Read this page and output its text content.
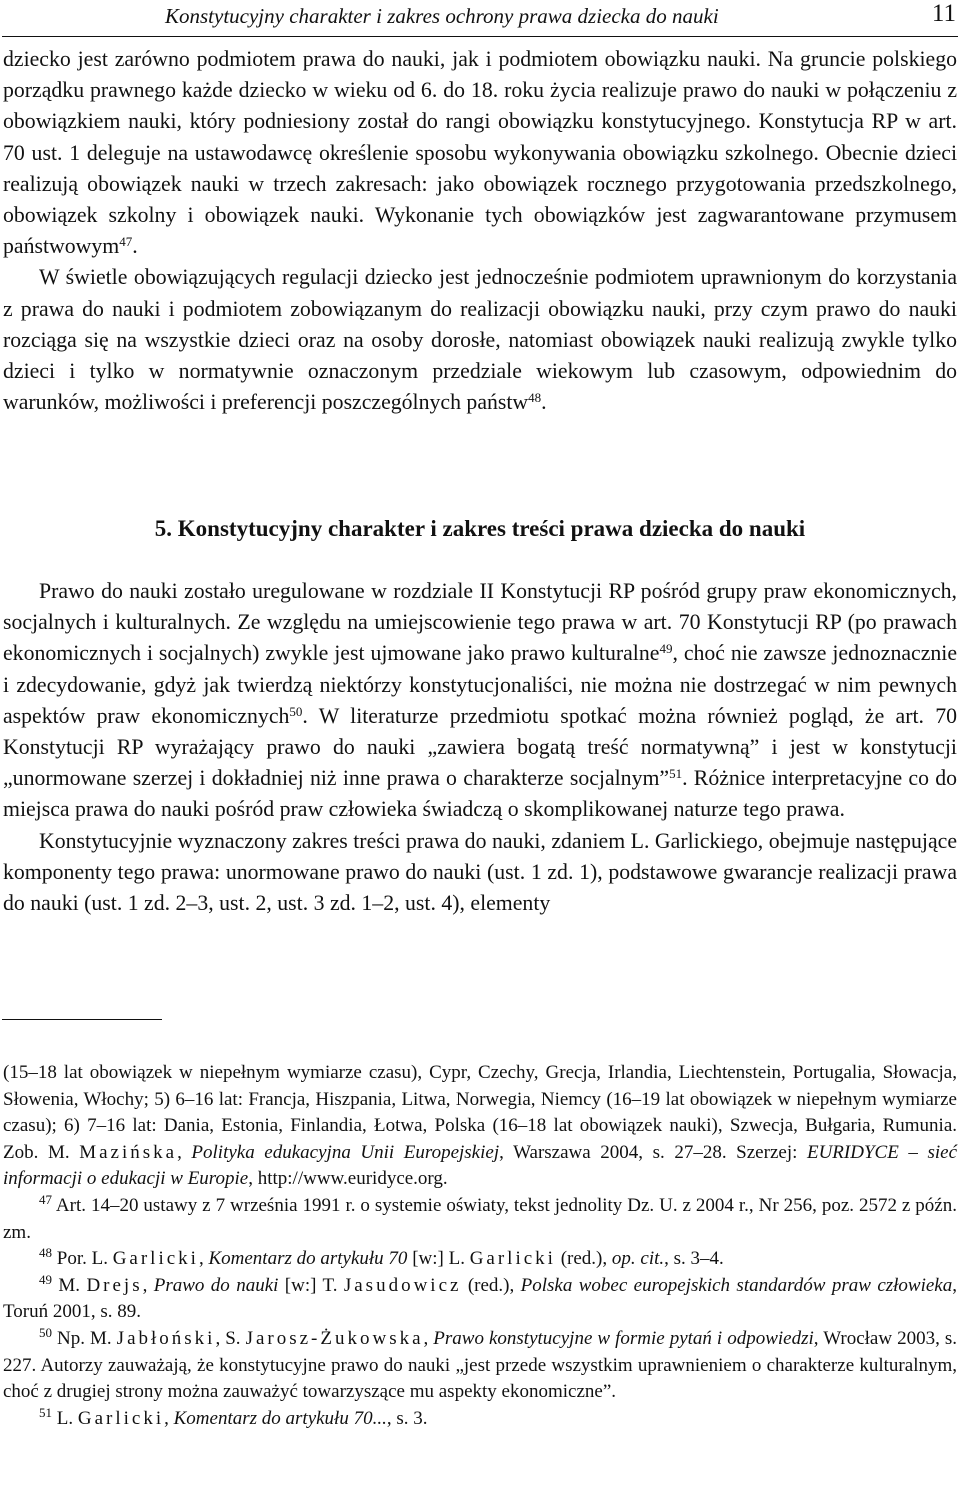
Konstytucyjny charakter i zakres ochrony prawa dziecka do nauki	11

dziecko jest zarówno podmiotem prawa do nauki, jak i podmiotem obowiązku nauki. Na gruncie polskiego porządku prawnego każde dziecko w wieku od 6. do 18. roku życia realizuje prawo do nauki w połączeniu z obowiązkiem nauki, który podniesiony został do rangi obowiązku konstytucyjnego. Konstytucja RP w art. 70 ust. 1 deleguje na ustawodawcę określenie sposobu wykonywania obowiązku szkolnego. Obecnie dzieci realizują obowiązek nauki w trzech zakresach: jako obowiązek rocznego przygotowania przedszkolnego, obowiązek szkolny i obowiązek nauki. Wykonanie tych obowiązków jest zagwarantowane przymusem państwowym$^{47}$.

W świetle obowiązujących regulacji dziecko jest jednocześnie podmiotem uprawnionym do korzystania z prawa do nauki i podmiotem zobowiązanym do realizacji obowiązku nauki, przy czym prawo do nauki rozciąga się na wszystkie dzieci oraz na osoby dorosłe, natomiast obowiązek nauki realizują zwykle tylko dzieci i tylko w normatywnie oznaczonym przedziale wiekowym lub czasowym, odpowiednim do warunków, możliwości i preferencji poszczególnych państw$^{48}$.

5. Konstytucyjny charakter i zakres treści prawa dziecka do nauki

Prawo do nauki zostało uregulowane w rozdziale II Konstytucji RP pośród grupy praw ekonomicznych, socjalnych i kulturalnych. Ze względu na umiejscowienie tego prawa w art. 70 Konstytucji RP (po prawach ekonomicznych i socjalnych) zwykle jest ujmowane jako prawo kulturalne$^{49}$, choć nie zawsze jednoznacznie i zdecydowanie, gdyż jak twierdzą niektórzy konstytucjonaliści, nie można nie dostrzegać w nim pewnych aspektów praw ekonomicznych$^{50}$. W literaturze przedmiotu spotkać można również pogląd, że art. 70 Konstytucji RP wyrażający prawo do nauki „zawiera bogatą treść normatywną” i jest w konstytucji „unormowane szerzej i dokładniej niż inne prawa o charakterze socjalnym”$^{51}$. Różnice interpretacyjne co do miejsca prawa do nauki pośród praw człowieka świadczą o skomplikowanej naturze tego prawa.

Konstytucyjnie wyznaczony zakres treści prawa do nauki, zdaniem L. Garlickiego, obejmuje następujące komponenty tego prawa: unormowane prawo do nauki (ust. 1 zd. 1), podstawowe gwarancje realizacji prawa do nauki (ust. 1 zd. 2–3, ust. 2, ust. 3 zd. 1–2, ust. 4), elementy

(15–18 lat obowiązek w niepełnym wymiarze czasu), Cypr, Czechy, Grecja, Irlandia, Liechtenstein, Portugalia, Słowacja, Słowenia, Włochy; 5) 6–16 lat: Francja, Hiszpania, Litwa, Norwegia, Niemcy (16–19 lat obowiązek w niepełnym wymiarze czasu); 6) 7–16 lat: Dania, Estonia, Finlandia, Łotwa, Polska (16–18 lat obowiązek nauki), Szwecja, Bułgaria, Rumunia. Zob. M. Mazińska, Polityka edukacyjna Unii Europejskiej, Warszawa 2004, s. 27–28. Szerzej: EURIDYCE – sieć informacji o edukacji w Europie, http://www.euridyce.org.

$^{47}$ Art. 14–20 ustawy z 7 września 1991 r. o systemie oświaty, tekst jednolity Dz. U. z 2004 r., Nr 256, poz. 2572 z późn. zm.

$^{48}$ Por. L. Garlicki, Komentarz do artykułu 70 [w:] L. Garlicki (red.), op. cit., s. 3–4.

$^{49}$ M. Drejs, Prawo do nauki [w:] T. Jasudowicz (red.), Polska wobec europejskich standardów praw człowieka, Toruń 2001, s. 89.

$^{50}$ Np. M. Jabłoński, S. Jarosz-Żukowska, Prawo konstytucyjne w formie pytań i odpowiedzi, Wrocław 2003, s. 227. Autorzy zauważają, że konstytucyjne prawo do nauki „jest przede wszystkim uprawnieniem o charakterze kulturalnym, choć z drugiej strony można zauważyć towarzyszące mu aspekty ekonomiczne”.

$^{51}$ L. Garlicki, Komentarz do artykułu 70..., s. 3.
